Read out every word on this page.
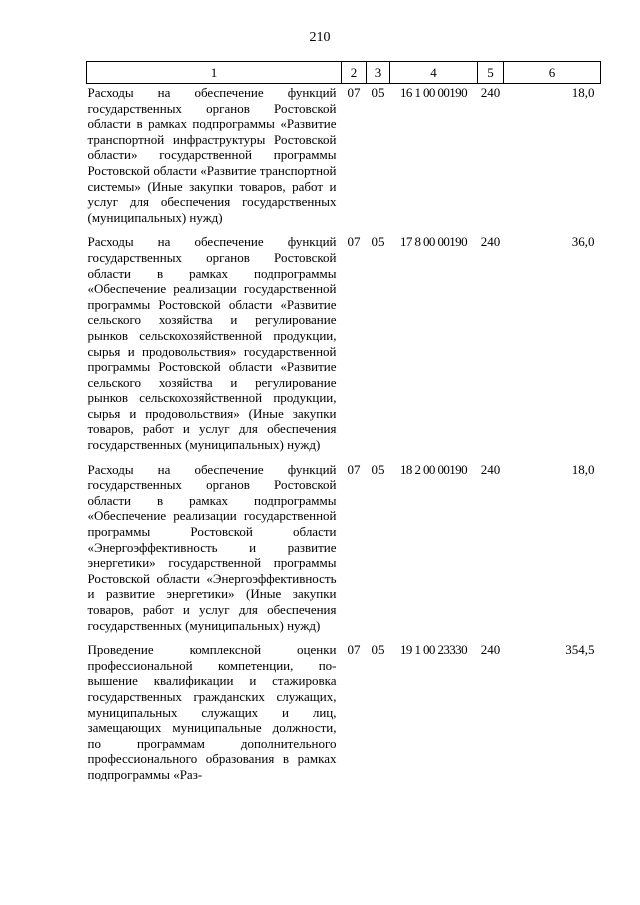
210
1	2	3	4	5	6
Расходы на обеспечение функций государственных органов Ростовской области в рамках подпрограммы «Развитие транспортной инфраструктуры Ростовской области» государственной программы Ростовской области «Развитие транспортной системы» (Иные закупки товаров, работ и услуг для обеспечения государственных (муниципальных) нужд)	07	05	16 1 00 00190	240	18,0
Расходы на обеспечение функций государственных органов Ростовской области в рамках подпрограммы «Обеспечение реализации государственной программы Ростовской области «Развитие сельского хозяйства и регулирование рынков сельскохозяйственной продукции, сырья и продовольствия» государственной программы Ростовской области «Развитие сельского хозяйства и регулирование рынков сельскохозяйственной продукции, сырья и продовольствия» (Иные закупки товаров, работ и услуг для обеспечения государственных (муниципальных) нужд)	07	05	17 8 00 00190	240	36,0
Расходы на обеспечение функций государственных органов Ростовской области в рамках подпрограммы «Обеспечение реализации государственной программы Ростовской области «Энергоэффективность и развитие энергетики» государственной программы Ростовской области «Энергоэффективность и развитие энергетики» (Иные закупки товаров, работ и услуг для обеспечения государственных (муниципальных) нужд)	07	05	18 2 00 00190	240	18,0
Проведение комплексной оценки профессиональной компетенции, повышение квалификации и стажировка государственных гражданских служащих, муниципальных служащих и лиц, замещающих муниципальные должности, по программам дополнительного профессионального образования в рамках подпрограммы «Раз-	07	05	19 1 00 23330	240	354,5
